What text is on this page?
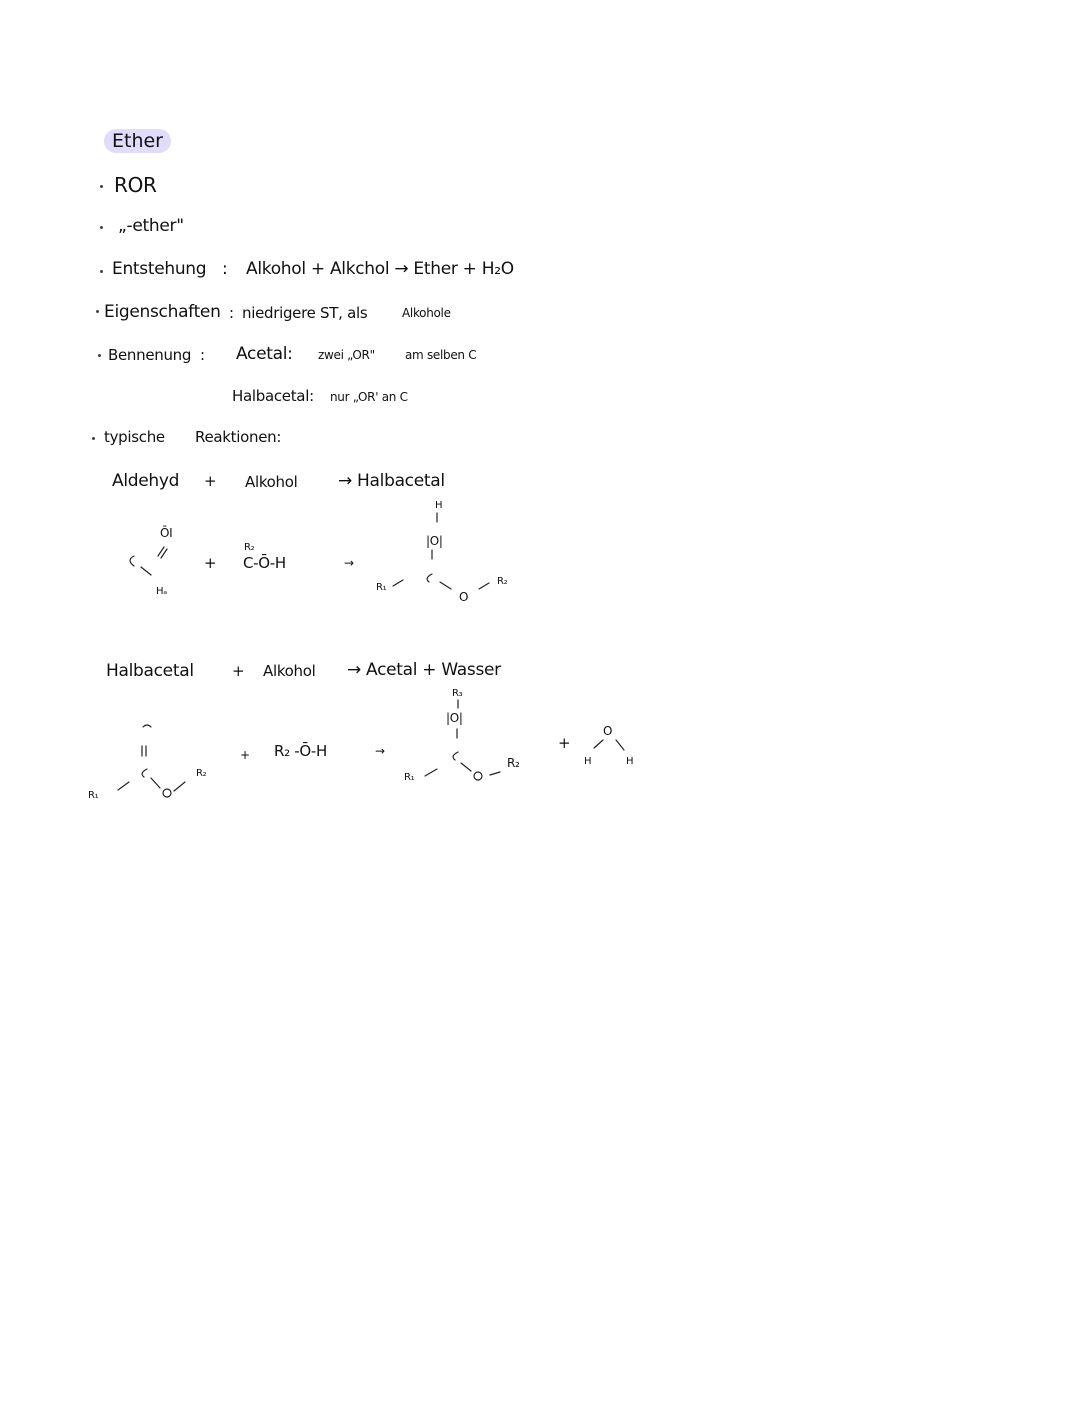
Ether
ROR
„-ether"
Entstehung : Alkohol + Alkchol → Ether + H₂O
Eigenschaften : niedrigere ST, als	Alkohole
Bennenung : Acetal: zwei „OR"	am selben C
Halbacetal: nur „OR' an C
typische Reaktionen:
Aldehyd + Alkohol → Halbacetal
ŌI
Hₐ
+
R₂
C-Ō-H	→
H
|O|
R₁
O
R₂
Halbacetal	+ Alkohol → Acetal + Wasser
R₃
|O|
R₂
R₁
+ R₂ -Ō-H	→
R₁
R₂
+
O
H	H
